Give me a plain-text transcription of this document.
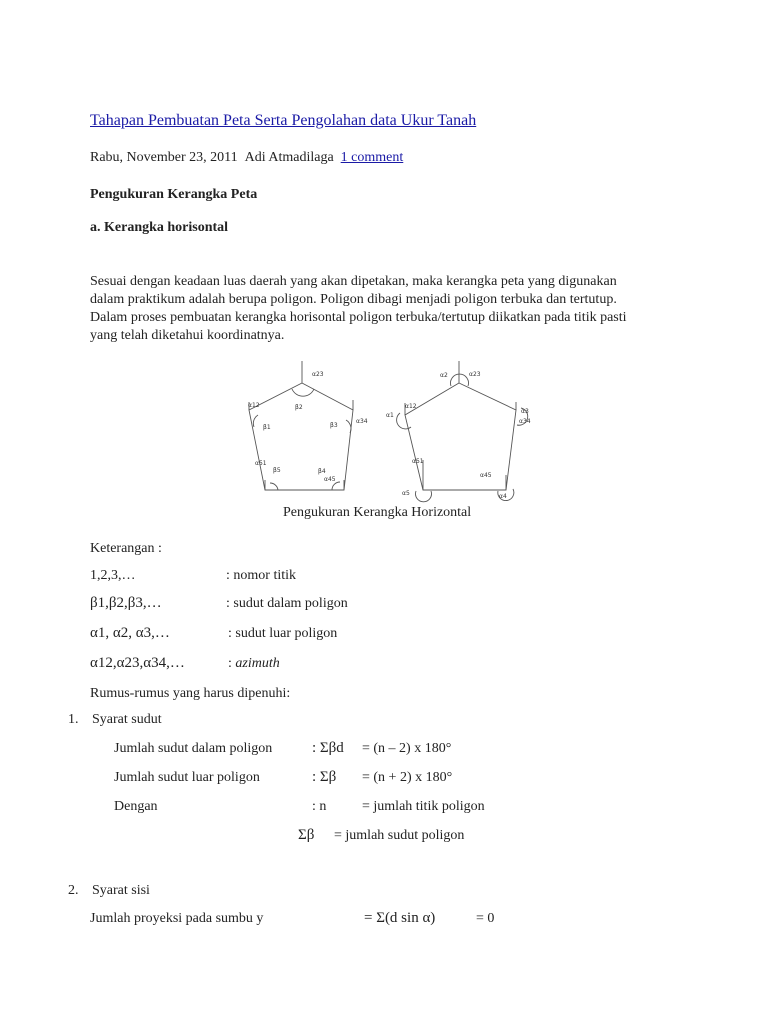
Tahapan Pembuatan Peta Serta Pengolahan data Ukur Tanah
Rabu, November 23, 2011 Adi Atmadilaga 1 comment
Pengukuran Kerangka Peta
a. Kerangka horisontal
Sesuai dengan keadaan luas daerah yang akan dipetakan, maka kerangka peta yang digunakan
dalam praktikum adalah berupa poligon. Poligon dibagi menjadi poligon terbuka dan tertutup.
Dalam proses pembuatan kerangka horisontal poligon terbuka/tertutup diikatkan pada titik pasti
yang telah diketahui koordinatnya.
α23
α12	β2
β1	β3
α34
α51
β5	β4
α45
α2	α23
α1
α12
α3
α34
α51
α5
α45
α4
Pengukuran Kerangka Horizontal
Keterangan :
1,2,3,…	: nomor titik
β1,β2,β3,…	: sudut dalam poligon
α1, α2, α3,…	: sudut luar poligon
α12,α23,α34,…	: azimuth
Rumus-rumus yang harus dipenuhi:
1. Syarat sudut
Jumlah sudut dalam poligon	: Σβd = (n – 2) x 180°
Jumlah sudut luar poligon	: Σβ = (n + 2) x 180°
Dengan	: n	= jumlah titik poligon
Σβ = jumlah sudut poligon
2. Syarat sisi
Jumlah proyeksi pada sumbu y	= Σ(d sin α)	= 0
